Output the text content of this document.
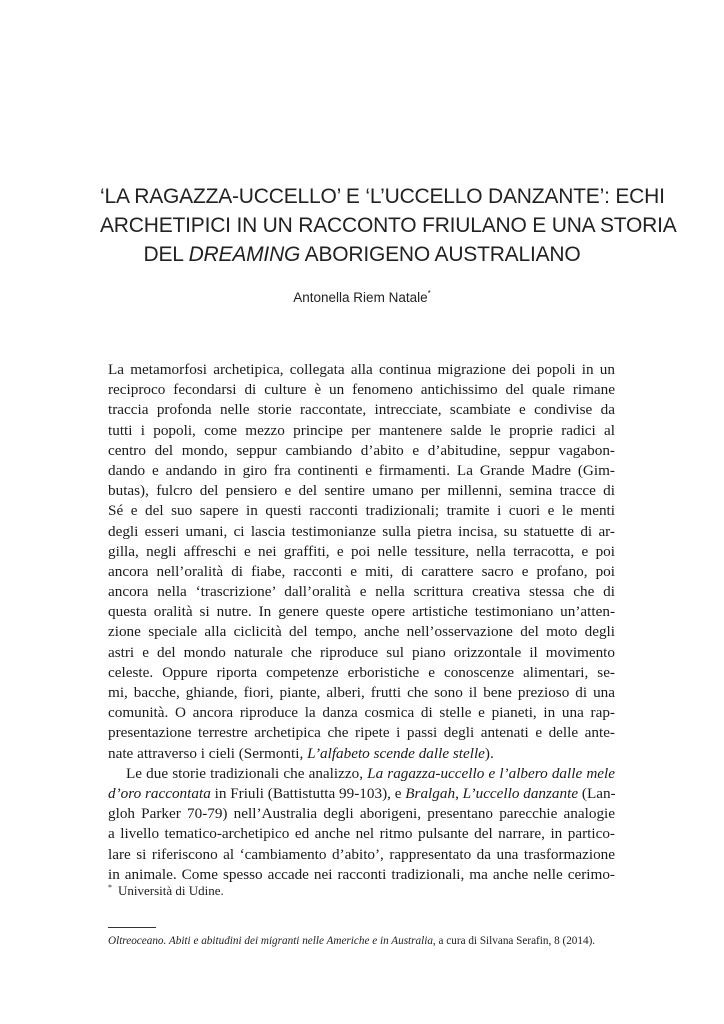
‘LA RAGAZZA-UCCELLO’ E ‘L’UCCELLO DANZANTE’: ECHI
ARCHETIPICI IN UN RACCONTO FRIULANO E UNA STORIA
DEL DREAMING ABORIGENO AUSTRALIANO
Antonella Riem Natale*
La metamorfosi archetipica, collegata alla continua migrazione dei popoli in un
reciproco fecondarsi di culture è un fenomeno antichissimo del quale rimane
traccia profonda nelle storie raccontate, intrecciate, scambiate e condivise da
tutti i popoli, come mezzo principe per mantenere salde le proprie radici al
centro del mondo, seppur cambiando d’abito e d’abitudine, seppur vagabon-
dando e andando in giro fra continenti e firmamenti. La Grande Madre (Gim-
butas), fulcro del pensiero e del sentire umano per millenni, semina tracce di
Sé e del suo sapere in questi racconti tradizionali; tramite i cuori e le menti
degli esseri umani, ci lascia testimonianze sulla pietra incisa, su statuette di ar-
gilla, negli affreschi e nei graffiti, e poi nelle tessiture, nella terracotta, e poi
ancora nell’oralità di fiabe, racconti e miti, di carattere sacro e profano, poi
ancora nella ‘trascrizione’ dall’oralità e nella scrittura creativa stessa che di
questa oralità si nutre. In genere queste opere artistiche testimoniano un’atten-
zione speciale alla ciclicità del tempo, anche nell’osservazione del moto degli
astri e del mondo naturale che riproduce sul piano orizzontale il movimento
celeste. Oppure riporta competenze erboristiche e conoscenze alimentari, se-
mi, bacche, ghiande, fiori, piante, alberi, frutti che sono il bene prezioso di una
comunità. O ancora riproduce la danza cosmica di stelle e pianeti, in una rap-
presentazione terrestre archetipica che ripete i passi degli antenati e delle ante-
nate attraverso i cieli (Sermonti, L’alfabeto scende dalle stelle).
Le due storie tradizionali che analizzo, La ragazza-uccello e l’albero dalle mele
d’oro raccontata in Friuli (Battistutta 99-103), e Bralgah, L’uccello danzante (Lan-
gloh Parker 70-79) nell’Australia degli aborigeni, presentano parecchie analogie
a livello tematico-archetipico ed anche nel ritmo pulsante del narrare, in partico-
lare si riferiscono al ‘cambiamento d’abito’, rappresentato da una trasformazione
in animale. Come spesso accade nei racconti tradizionali, ma anche nelle cerimo-
* Università di Udine.
Oltreoceano. Abiti e abitudini dei migranti nelle Americhe e in Australia, a cura di Silvana Serafin, 8 (2014).
